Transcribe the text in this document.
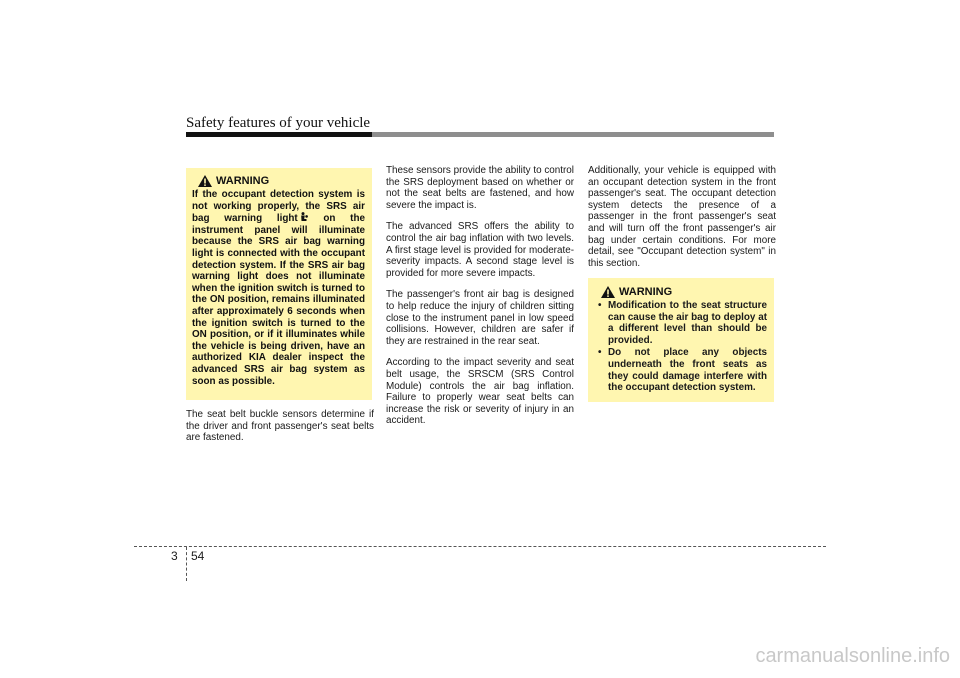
Safety features of your vehicle
WARNING
If the occupant detection system is not working properly, the SRS air bag warning light on the instrument panel will illuminate because the SRS air bag warning light is connected with the occupant detection system. If the SRS air bag warning light does not illuminate when the ignition switch is turned to the ON position, remains illuminated after approximately 6 seconds when the ignition switch is turned to the ON position, or if it illuminates while the vehicle is being driven, have an authorized KIA dealer inspect the advanced SRS air bag system as soon as possible.

The seat belt buckle sensors determine if the driver and front passenger's seat belts are fastened.

These sensors provide the ability to control the SRS deployment based on whether or not the seat belts are fastened, and how severe the impact is.

The advanced SRS offers the ability to control the air bag inflation with two levels. A first stage level is provided for moderate-severity impacts. A second stage level is provided for more severe impacts.

The passenger's front air bag is designed to help reduce the injury of children sitting close to the instrument panel in low speed collisions. However, children are safer if they are restrained in the rear seat.

According to the impact severity and seat belt usage, the SRSCM (SRS Control Module) controls the air bag inflation. Failure to properly wear seat belts can increase the risk or severity of injury in an accident.

Additionally, your vehicle is equipped with an occupant detection system in the front passenger's seat. The occupant detection system detects the presence of a passenger in the front passenger's seat and will turn off the front passenger's air bag under certain conditions. For more detail, see "Occupant detection system" in this section.

WARNING
• Modification to the seat structure can cause the air bag to deploy at a different level than should be provided.
• Do not place any objects underneath the front seats as they could damage interfere with the occupant detection system.
3 54
carmanualsonline.info
